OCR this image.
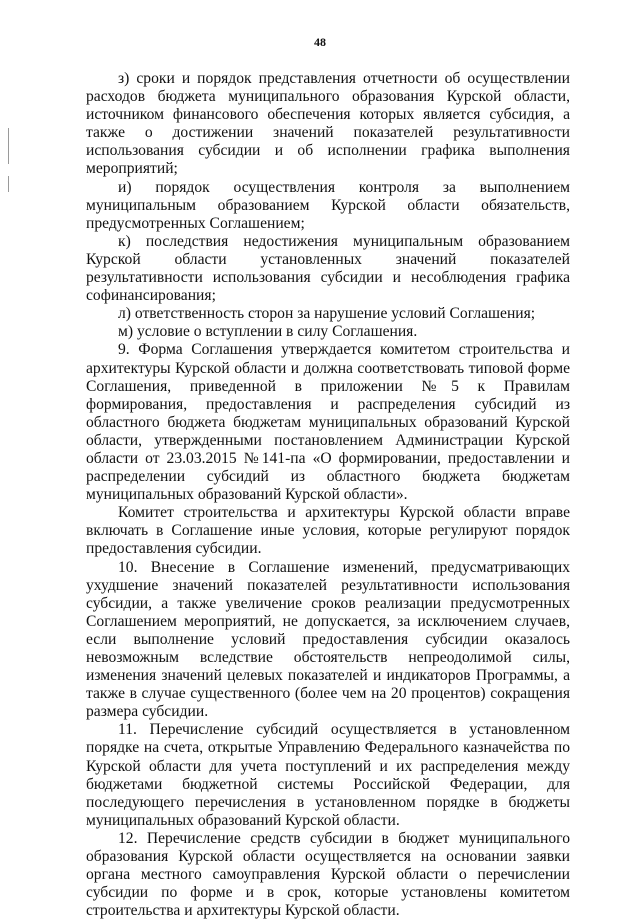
48

з) сроки и порядок представления отчетности об осуществлении расходов бюджета муниципального образования Курской области, источником финансового обеспечения которых является субсидия, а также о достижении значений показателей результативности использования субсидии и об исполнении графика выполнения мероприятий;

и) порядок осуществления контроля за выполнением муниципальным образованием Курской области обязательств, предусмотренных Соглашением;

к) последствия недостижения муниципальным образованием Курской области установленных значений показателей результативности использования субсидии и несоблюдения графика софинансирования;

л) ответственность сторон за нарушение условий Соглашения;

м) условие о вступлении в силу Соглашения.

9. Форма Соглашения утверждается комитетом строительства и архитектуры Курской области и должна соответствовать типовой форме Соглашения, приведенной в приложении №5 к Правилам формирования, предоставления и распределения субсидий из областного бюджета бюджетам муниципальных образований Курской области, утвержденными постановлением Администрации Курской области от 23.03.2015 №141-па «О формировании, предоставлении и распределении субсидий из областного бюджета бюджетам муниципальных образований Курской области».

Комитет строительства и архитектуры Курской области вправе включать в Соглашение иные условия, которые регулируют порядок предоставления субсидии.

10. Внесение в Соглашение изменений, предусматривающих ухудшение значений показателей результативности использования субсидии, а также увеличение сроков реализации предусмотренных Соглашением мероприятий, не допускается, за исключением случаев, если выполнение условий предоставления субсидии оказалось невозможным вследствие обстоятельств непреодолимой силы, изменения значений целевых показателей и индикаторов Программы, а также в случае существенного (более чем на 20 процентов) сокращения размера субсидии.

11. Перечисление субсидий осуществляется в установленном порядке на счета, открытые Управлению Федерального казначейства по Курской области для учета поступлений и их распределения между бюджетами бюджетной системы Российской Федерации, для последующего перечисления в установленном порядке в бюджеты муниципальных образований Курской области.

12. Перечисление средств субсидии в бюджет муниципального образования Курской области осуществляется на основании заявки органа местного самоуправления Курской области о перечислении субсидии по форме и в срок, которые установлены комитетом строительства и архитектуры Курской области.
